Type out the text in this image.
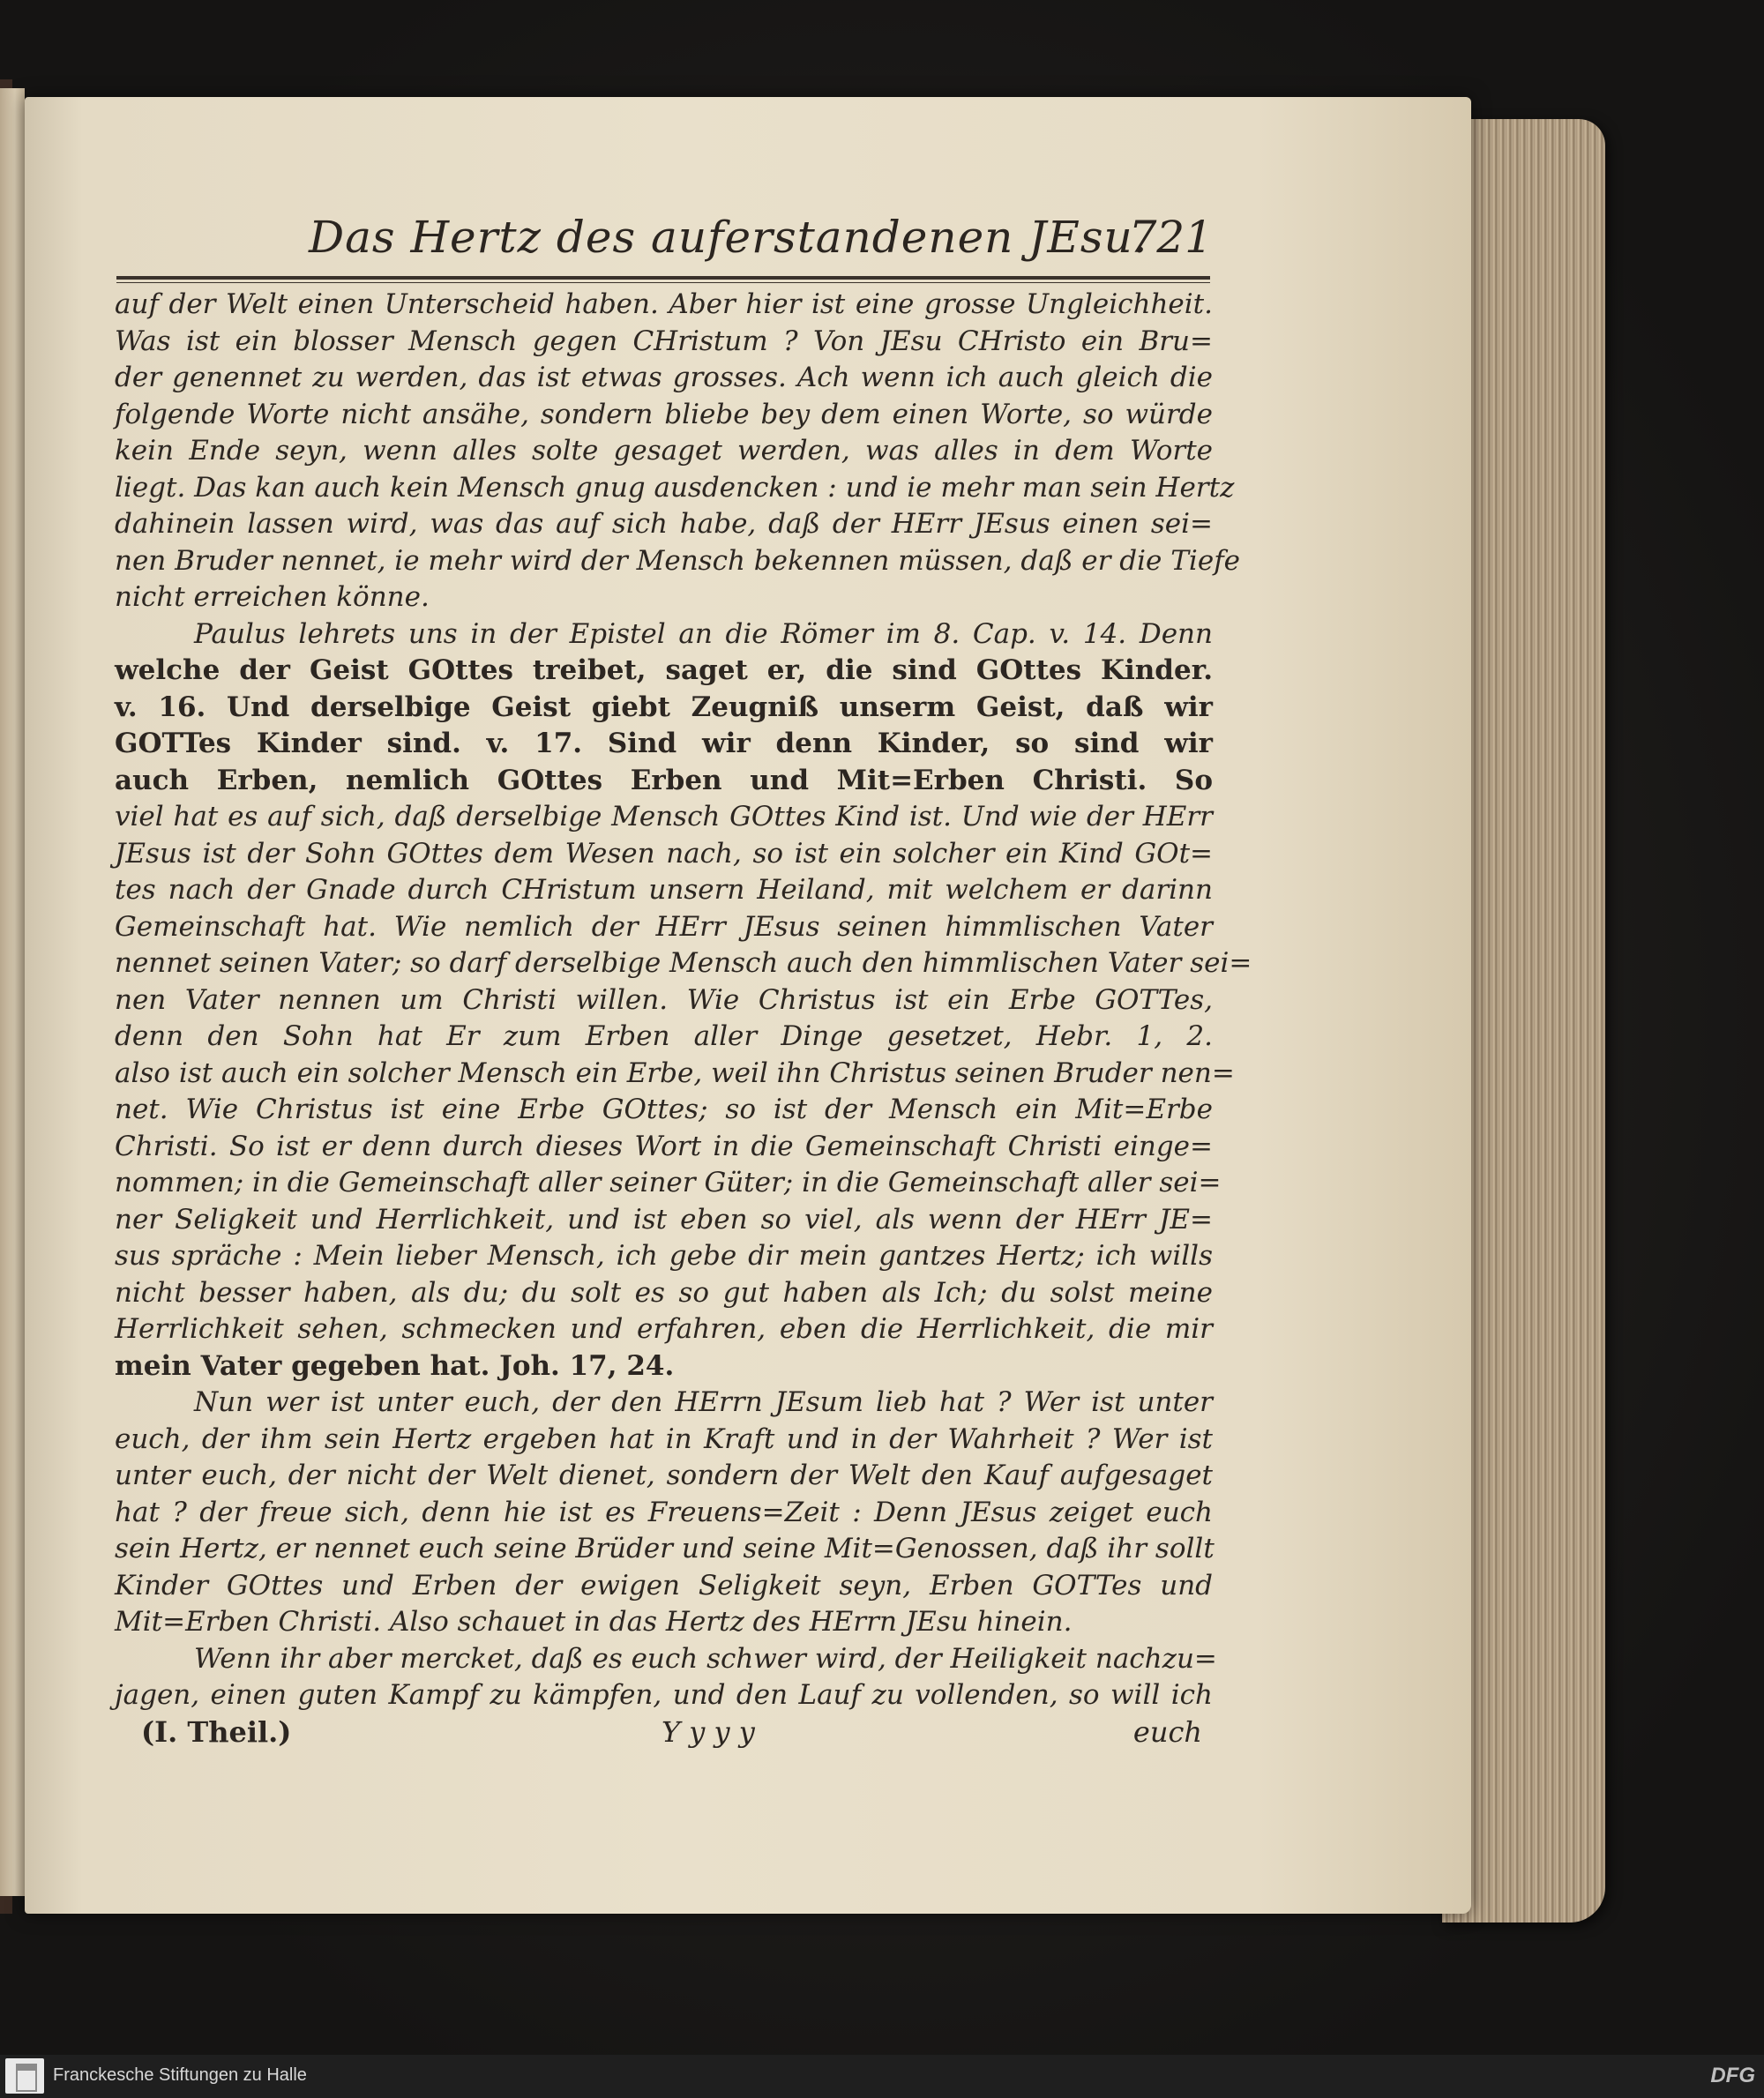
Das Hertz des auferstandenen JEsu.
721
auf der Welt einen Unterscheid haben. Aber hier ist eine grosse Ungleichheit.
Was ist ein blosser Mensch gegen CHristum ? Von JEsu CHristo ein Bru=
der genennet zu werden, das ist etwas grosses. Ach wenn ich auch gleich die
folgende Worte nicht ansähe, sondern bliebe bey dem einen Worte, so würde
kein Ende seyn, wenn alles solte gesaget werden, was alles in dem Worte
liegt. Das kan auch kein Mensch gnug ausdencken : und ie mehr man sein Hertz
dahinein lassen wird, was das auf sich habe, daß der HErr JEsus einen sei=
nen Bruder nennet, ie mehr wird der Mensch bekennen müssen, daß er die Tiefe
nicht erreichen könne.
Paulus lehrets uns in der Epistel an die Römer im 8. Cap. v. 14. Denn
welche der Geist GOttes treibet, saget er, die sind GOttes Kinder.
v. 16. Und derselbige Geist giebt Zeugniß unserm Geist, daß wir
GOTTes Kinder sind. v. 17. Sind wir denn Kinder, so sind wir
auch Erben, nemlich GOttes Erben und Mit=Erben Christi. So
viel hat es auf sich, daß derselbige Mensch GOttes Kind ist. Und wie der HErr
JEsus ist der Sohn GOttes dem Wesen nach, so ist ein solcher ein Kind GOt=
tes nach der Gnade durch CHristum unsern Heiland, mit welchem er darinn
Gemeinschaft hat. Wie nemlich der HErr JEsus seinen himmlischen Vater
nennet seinen Vater; so darf derselbige Mensch auch den himmlischen Vater sei=
nen Vater nennen um Christi willen. Wie Christus ist ein Erbe GOTTes,
denn den Sohn hat Er zum Erben aller Dinge gesetzet, Hebr. 1, 2.
also ist auch ein solcher Mensch ein Erbe, weil ihn Christus seinen Bruder nen=
net. Wie Christus ist eine Erbe GOttes; so ist der Mensch ein Mit=Erbe
Christi. So ist er denn durch dieses Wort in die Gemeinschaft Christi einge=
nommen; in die Gemeinschaft aller seiner Güter; in die Gemeinschaft aller sei=
ner Seligkeit und Herrlichkeit, und ist eben so viel, als wenn der HErr JE=
sus spräche : Mein lieber Mensch, ich gebe dir mein gantzes Hertz; ich wills
nicht besser haben, als du; du solt es so gut haben als Ich; du solst meine
Herrlichkeit sehen, schmecken und erfahren, eben die Herrlichkeit, die mir
mein Vater gegeben hat. Joh. 17, 24.
Nun wer ist unter euch, der den HErrn JEsum lieb hat ? Wer ist unter
euch, der ihm sein Hertz ergeben hat in Kraft und in der Wahrheit ? Wer ist
unter euch, der nicht der Welt dienet, sondern der Welt den Kauf aufgesaget
hat ? der freue sich, denn hie ist es Freuens=Zeit : Denn JEsus zeiget euch
sein Hertz, er nennet euch seine Brüder und seine Mit=Genossen, daß ihr sollt
Kinder GOttes und Erben der ewigen Seligkeit seyn, Erben GOTTes und
Mit=Erben Christi. Also schauet in das Hertz des HErrn JEsu hinein.
Wenn ihr aber mercket, daß es euch schwer wird, der Heiligkeit nachzu=
jagen, einen guten Kampf zu kämpfen, und den Lauf zu vollenden, so will ich
(I. Theil.)	Y y y y	euch
Franckesche Stiftungen zu Halle	DFG
